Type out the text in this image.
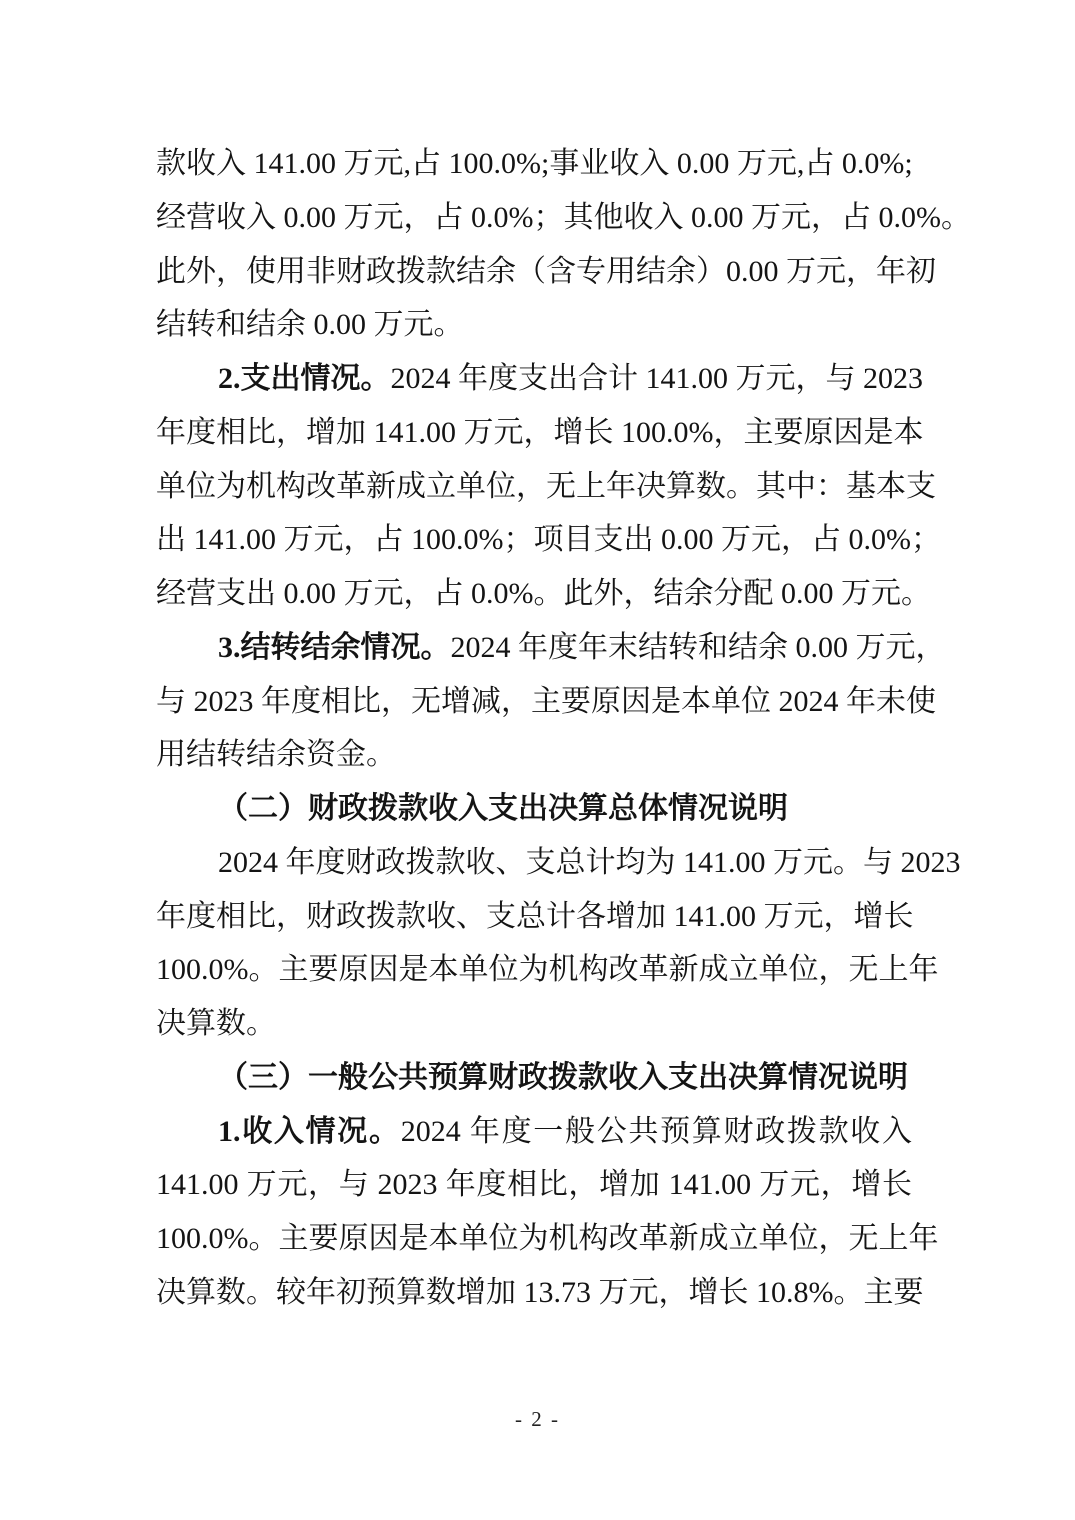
款收入 141.00 万元,占 100.0%;事业收入 0.00 万元,占 0.0%;
经营收入 0.00 万元，占 0.0%；其他收入 0.00 万元，占 0.0%。
此外，使用非财政拨款结余（含专用结余）0.00 万元，年初
结转和结余 0.00 万元。
2.支出情况。2024 年度支出合计 141.00 万元，与 2023
年度相比，增加 141.00 万元，增长 100.0%，主要原因是本
单位为机构改革新成立单位，无上年决算数。其中：基本支
出 141.00 万元，占 100.0%；项目支出 0.00 万元，占 0.0%；
经营支出 0.00 万元，占 0.0%。此外，结余分配 0.00 万元。
3.结转结余情况。2024 年度年末结转和结余 0.00 万元，
与 2023 年度相比，无增减，主要原因是本单位 2024 年未使
用结转结余资金。
（二）财政拨款收入支出决算总体情况说明
2024 年度财政拨款收、支总计均为 141.00 万元。与 2023
年度相比，财政拨款收、支总计各增加 141.00 万元，增长
100.0%。主要原因是本单位为机构改革新成立单位，无上年
决算数。
（三）一般公共预算财政拨款收入支出决算情况说明
1.收入情况。2024 年度一般公共预算财政拨款收入
141.00 万元，与 2023 年度相比，增加 141.00 万元，增长
100.0%。主要原因是本单位为机构改革新成立单位，无上年
决算数。较年初预算数增加 13.73 万元，增长 10.8%。主要
- 2 -
